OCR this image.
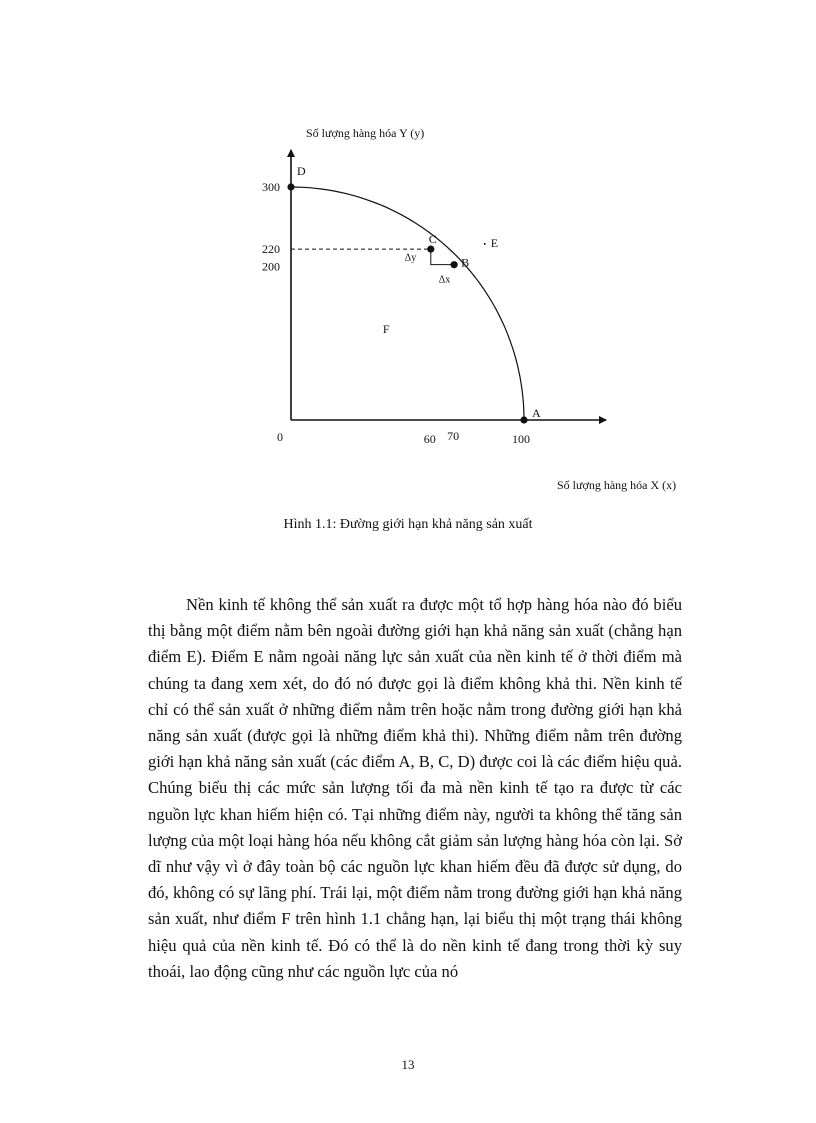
Số lượng hàng hóa Y (y)
Số lượng hàng hóa X (x)
0
300
220
200
60 70	100
Δy
Δx
D
C
B
A
E
F
Hình 1.1: Đường giới hạn khả năng sản xuất

Nền kinh tế không thể sản xuất ra được một tổ hợp hàng hóa nào đó biểu thị bằng một điểm nằm bên ngoài đường giới hạn khả năng sản xuất (chẳng hạn điểm E). Điểm E nằm ngoài năng lực sản xuất của nền kinh tế ở thời điểm mà chúng ta đang xem xét, do đó nó được gọi là điểm không khả thi. Nền kinh tế chỉ có thể sản xuất ở những điểm nằm trên hoặc nằm trong đường giới hạn khả năng sản xuất (được gọi là những điểm khả thi). Những điểm nằm trên đường giới hạn khả năng sản xuất (các điểm A, B, C, D) được coi là các điểm hiệu quả. Chúng biểu thị các mức sản lượng tối đa mà nền kinh tế tạo ra được từ các nguồn lực khan hiếm hiện có. Tại những điểm này, người ta không thể tăng sản lượng của một loại hàng hóa nếu không cắt giảm sản lượng hàng hóa còn lại. Sở dĩ như vậy vì ở đây toàn bộ các nguồn lực khan hiếm đều đã được sử dụng, do đó, không có sự lãng phí. Trái lại, một điểm nằm trong đường giới hạn khả năng sản xuất, như điểm F trên hình 1.1 chẳng hạn, lại biểu thị một trạng thái không hiệu quả của nền kinh tế. Đó có thể là do nền kinh tế đang trong thời kỳ suy thoái, lao động cũng như các nguồn lực của nó

13
